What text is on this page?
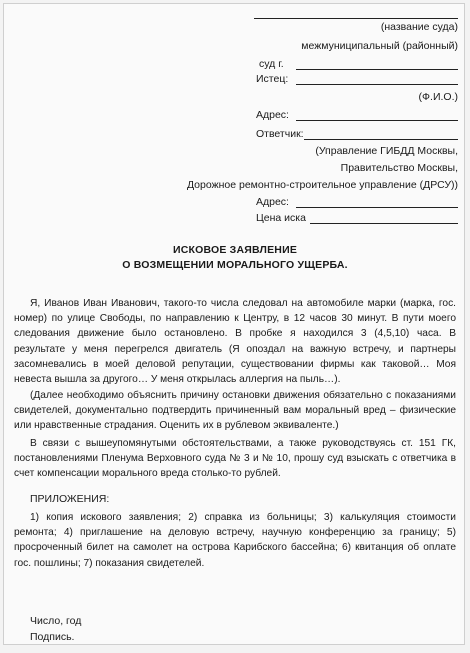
(название суда)
межмуниципальный (районный)
суд г.
Истец:
(Ф.И.О.)
Адрес:
Ответчик:
(Управление ГИБДД Москвы,
Правительство Москвы,
Дорожное ремонтно-строительное управление (ДРСУ))
Адрес:
Цена иска
ИСКОВОЕ ЗАЯВЛЕНИЕ
О ВОЗМЕЩЕНИИ МОРАЛЬНОГО УЩЕРБА.
Я, Иванов Иван Иванович, такого-то числа следовал на автомобиле марки (марка, гос. номер) по улице Свободы, по направлению к Центру, в 12 часов 30 минут. В пути моего следования движение было остановлено. В пробке я находился 3 (4,5,10) часа. В результате у меня перегрелся двигатель (Я опоздал на важную встречу, и партнеры засомневались в моей деловой репутации, существовании фирмы как таковой… Моя невеста вышла за другого… У меня открылась аллергия на пыль…).
(Далее необходимо объяснить причину остановки движения обязательно с показаниями свидетелей, документально подтвердить причиненный вам моральный вред – физические или нравственные страдания. Оценить их в рублевом эквиваленте.)
В связи с вышеупомянутыми обстоятельствами, а также руководствуясь ст. 151 ГК, постановлениями Пленума Верховного суда № 3 и № 10, прошу суд взыскать с ответчика в счет компенсации морального вреда столько-то рублей.
ПРИЛОЖЕНИЯ:
1) копия искового заявления; 2) справка из больницы; 3) калькуляция стоимости ремонта; 4) приглашение на деловую встречу, научную конференцию за границу; 5) просроченный билет на самолет на острова Карибского бассейна; 6) квитанция об оплате гос. пошлины; 7) показания свидетелей.
Число, год
Подпись.
